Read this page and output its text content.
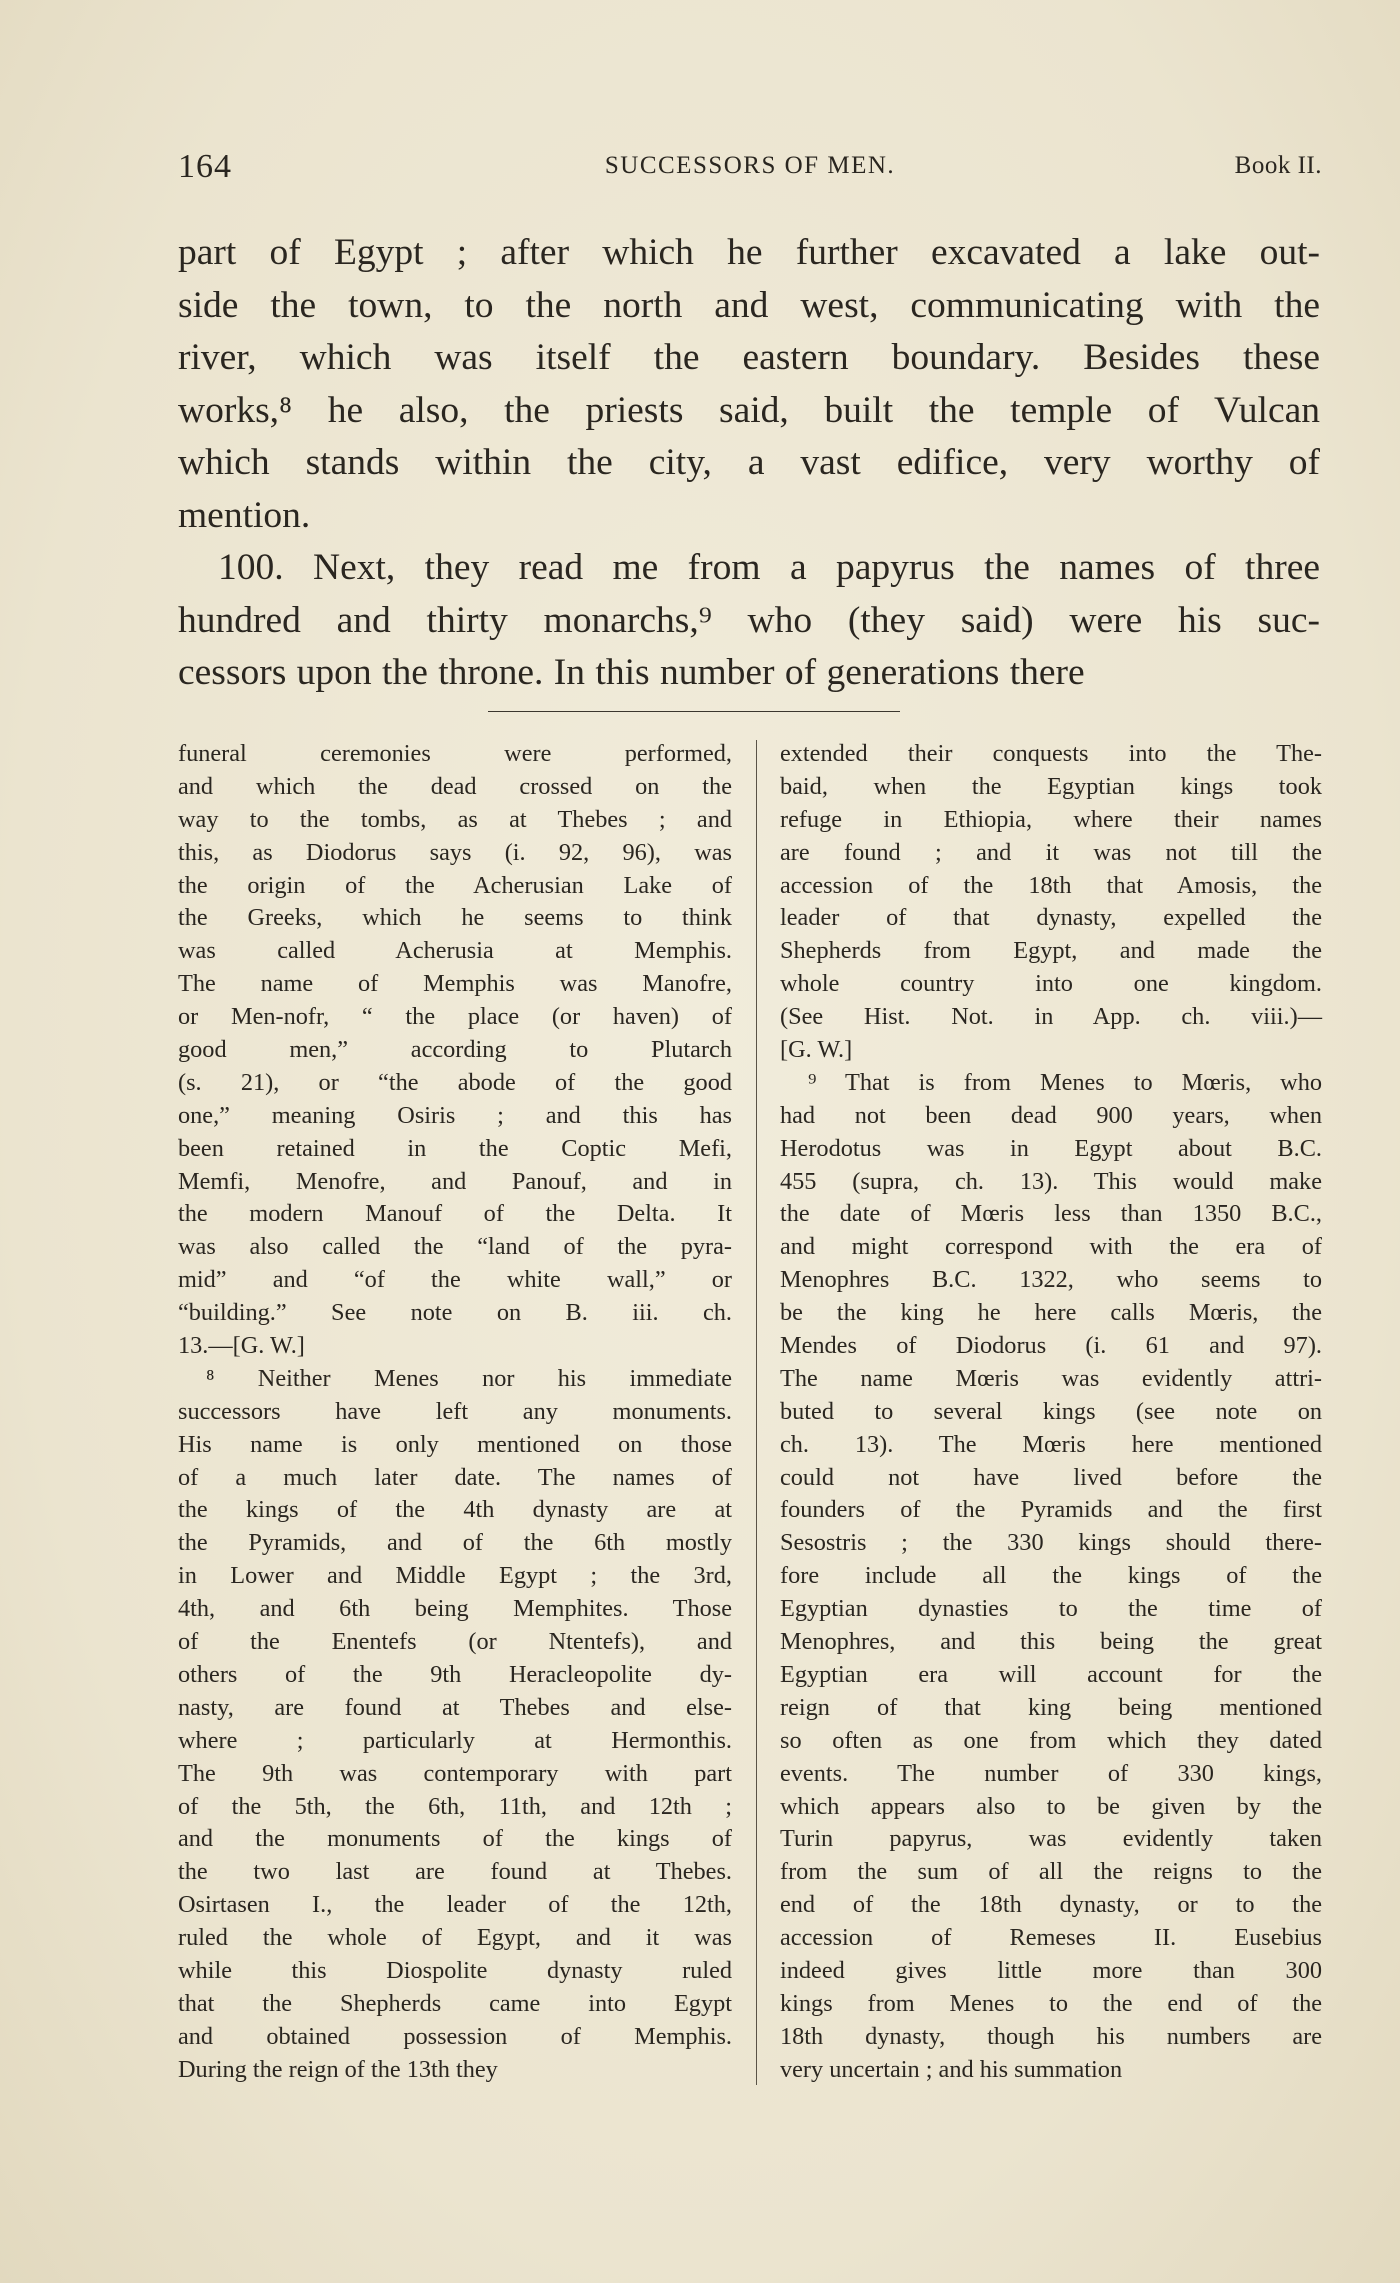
164	SUCCESSORS OF MEN.	Book II.
part of Egypt ; after which he further excavated a lake out-
side the town, to the north and west, communicating with the
river, which was itself the eastern boundary. Besides these
works,⁸ he also, the priests said, built the temple of Vulcan
which stands within the city, a vast edifice, very worthy of
mention.
100. Next, they read me from a papyrus the names of three
hundred and thirty monarchs,⁹ who (they said) were his suc-
cessors upon the throne. In this number of generations there
funeral ceremonies were performed,
and which the dead crossed on the
way to the tombs, as at Thebes ; and
this, as Diodorus says (i. 92, 96), was
the origin of the Acherusian Lake of
the Greeks, which he seems to think
was called Acherusia at Memphis.
The name of Memphis was Manofre,
or Men-nofr, “ the place (or haven) of
good men,” according to Plutarch
(s. 21), or “the abode of the good
one,” meaning Osiris ; and this has
been retained in the Coptic Mefi,
Memfi, Menofre, and Panouf, and in
the modern Manouf of the Delta. It
was also called the “land of the pyra-
mid” and “of the white wall,” or
“building.” See note on B. iii. ch.
13.—[G. W.]
⁸ Neither Menes nor his immediate
successors have left any monuments.
His name is only mentioned on those
of a much later date. The names of
the kings of the 4th dynasty are at
the Pyramids, and of the 6th mostly
in Lower and Middle Egypt ; the 3rd,
4th, and 6th being Memphites. Those
of the Enentefs (or Ntentefs), and
others of the 9th Heracleopolite dy-
nasty, are found at Thebes and else-
where ; particularly at Hermonthis.
The 9th was contemporary with part
of the 5th, the 6th, 11th, and 12th ;
and the monuments of the kings of
the two last are found at Thebes.
Osirtasen I., the leader of the 12th,
ruled the whole of Egypt, and it was
while this Diospolite dynasty ruled
that the Shepherds came into Egypt
and obtained possession of Memphis.
During the reign of the 13th they
extended their conquests into the The-
baid, when the Egyptian kings took
refuge in Ethiopia, where their names
are found ; and it was not till the
accession of the 18th that Amosis, the
leader of that dynasty, expelled the
Shepherds from Egypt, and made the
whole country into one kingdom.
(See Hist. Not. in App. ch. viii.)—
[G. W.]
⁹ That is from Menes to Mœris, who
had not been dead 900 years, when
Herodotus was in Egypt about B.C.
455 (supra, ch. 13). This would make
the date of Mœris less than 1350 B.C.,
and might correspond with the era of
Menophres B.C. 1322, who seems to
be the king he here calls Mœris, the
Mendes of Diodorus (i. 61 and 97).
The name Mœris was evidently attri-
buted to several kings (see note on
ch. 13). The Mœris here mentioned
could not have lived before the
founders of the Pyramids and the first
Sesostris ; the 330 kings should there-
fore include all the kings of the
Egyptian dynasties to the time of
Menophres, and this being the great
Egyptian era will account for the
reign of that king being mentioned
so often as one from which they dated
events. The number of 330 kings,
which appears also to be given by the
Turin papyrus, was evidently taken
from the sum of all the reigns to the
end of the 18th dynasty, or to the
accession of Remeses II. Eusebius
indeed gives little more than 300
kings from Menes to the end of the
18th dynasty, though his numbers are
very uncertain ; and his summation
